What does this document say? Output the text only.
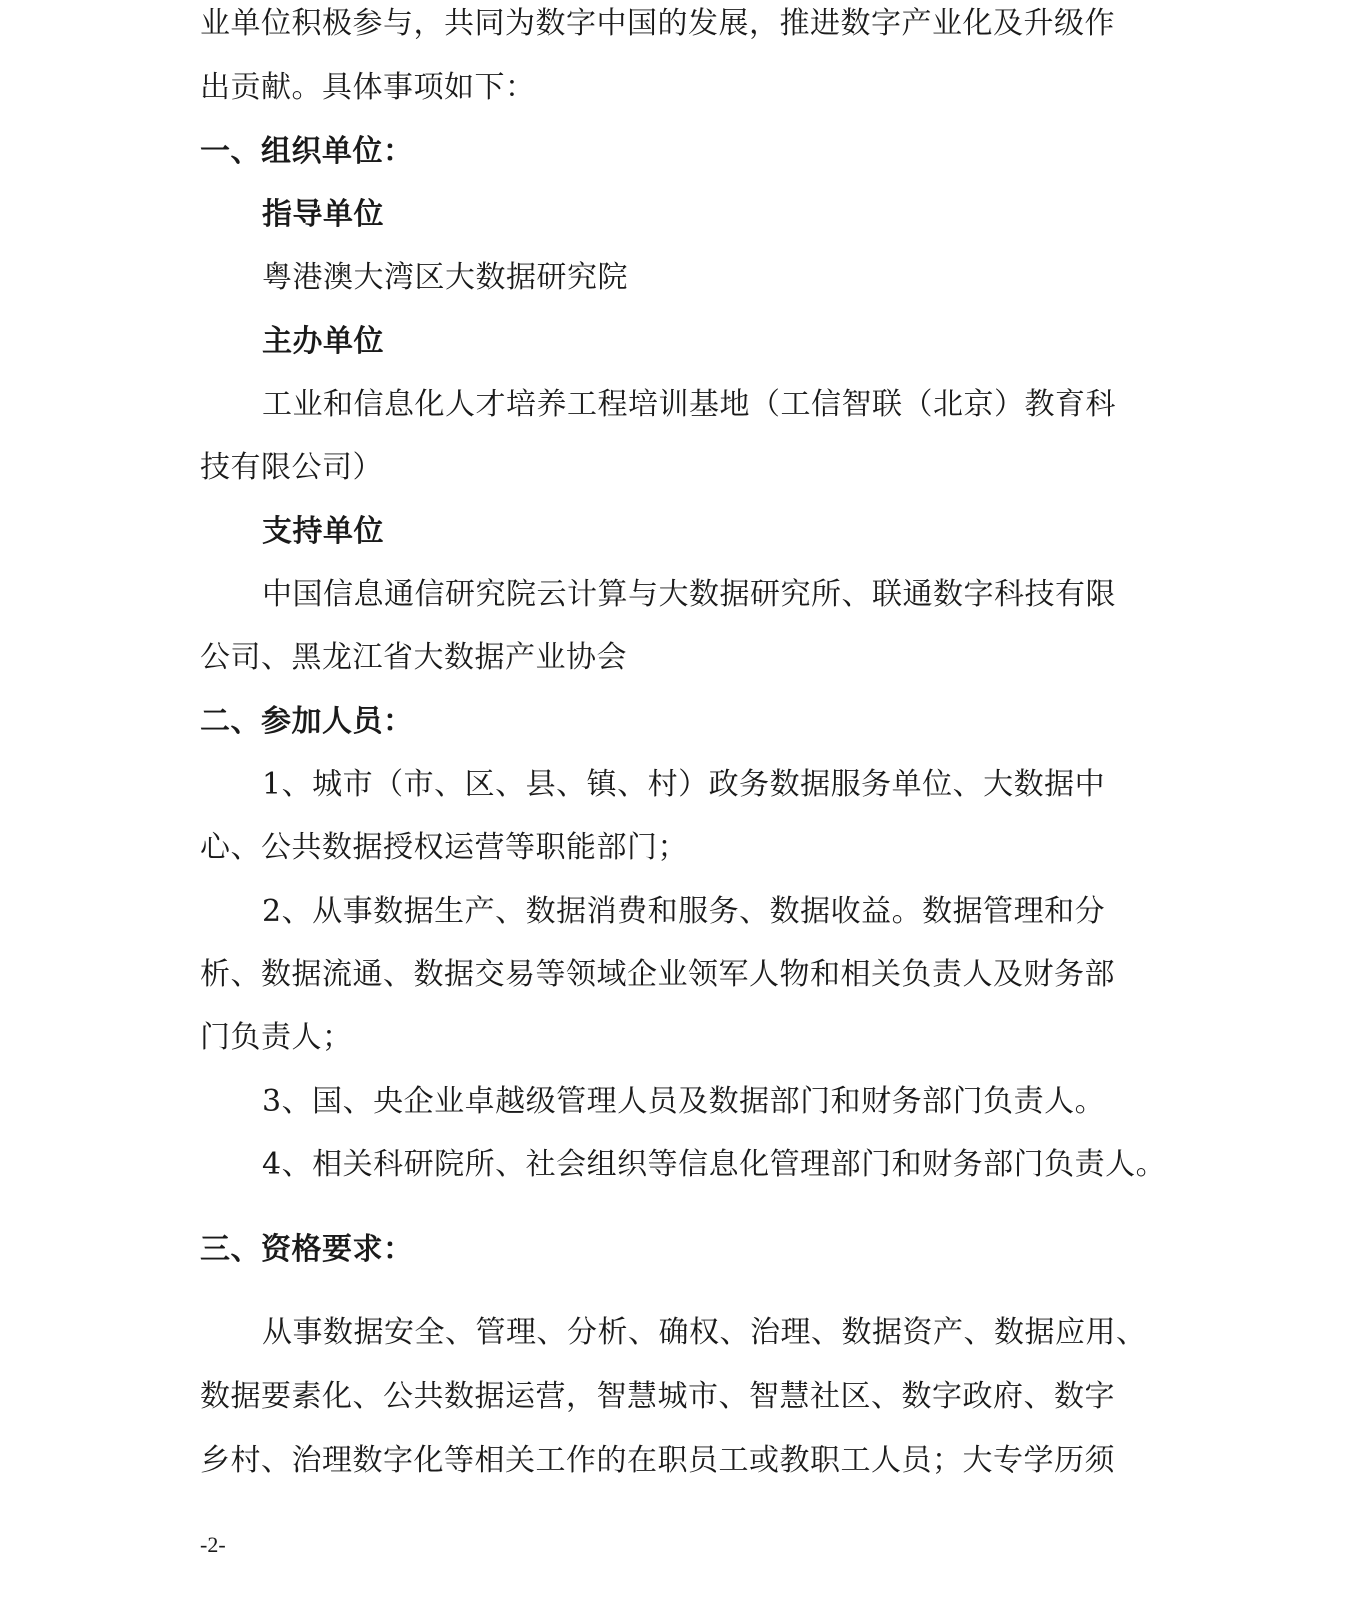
业单位积极参与，共同为数字中国的发展，推进数字产业化及升级作
出贡献。具体事项如下：
一、组织单位：
指导单位
粤港澳大湾区大数据研究院
主办单位
工业和信息化人才培养工程培训基地（工信智联（北京）教育科
技有限公司）
支持单位
中国信息通信研究院云计算与大数据研究所、联通数字科技有限
公司、黑龙江省大数据产业协会
二、参加人员：
1、城市（市、区、县、镇、村）政务数据服务单位、大数据中
心、公共数据授权运营等职能部门；
2、从事数据生产、数据消费和服务、数据收益。数据管理和分
析、数据流通、数据交易等领域企业领军人物和相关负责人及财务部
门负责人；
3、国、央企业卓越级管理人员及数据部门和财务部门负责人。
4、相关科研院所、社会组织等信息化管理部门和财务部门负责人。
三、资格要求：
从事数据安全、管理、分析、确权、治理、数据资产、数据应用、
数据要素化、公共数据运营，智慧城市、智慧社区、数字政府、数字
乡村、治理数字化等相关工作的在职员工或教职工人员；大专学历须
-2-
